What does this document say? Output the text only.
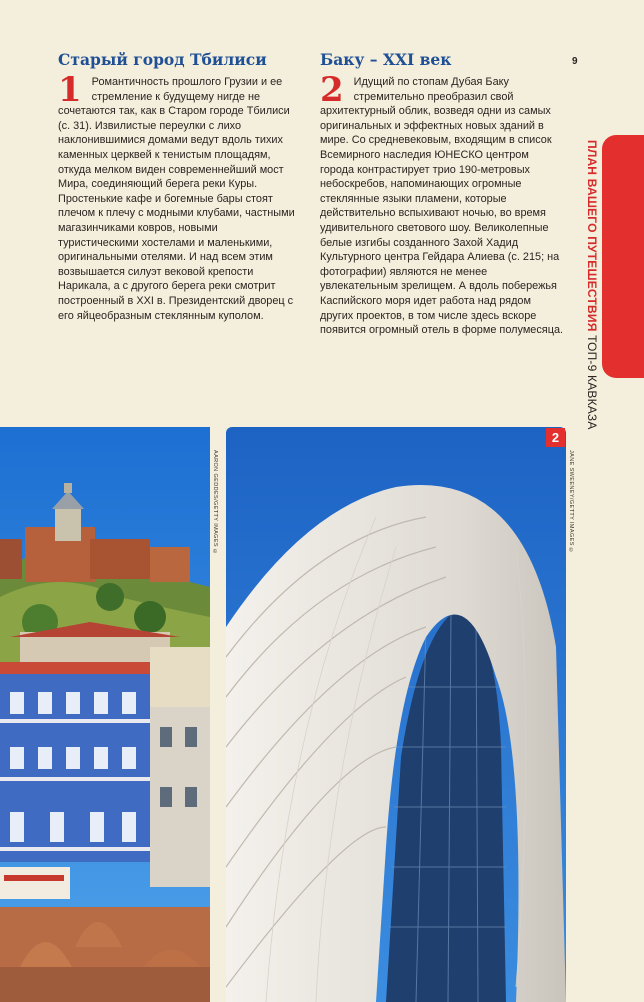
9
Старый город Тбилиси

1 Романтичность прошлого Грузии и ее стремление к будущему нигде не сочетаются так, как в Старом городе Тбилиси (с. 31). Извилистые переулки с лихо наклонившимися домами ведут вдоль тихих каменных церквей к тенистым площадям, откуда мелком виден современнейший мост Мира, соединяющий берега реки Куры. Простенькие кафе и богемные бары стоят плечом к плечу с модными клубами, частными магазинчиками ковров, новыми туристическими хостелами и маленькими, оригинальными отелями. И над всем этим возвышается силуэт вековой крепости Нарикала, а с другого берега реки смотрит построенный в XXI в. Президентский дворец с его яйцеобразным стеклянным куполом.

Баку – XXI век

2 Идущий по стопам Дубая Баку стремительно преобразил свой архитектурный облик, возведя одни из самых оригинальных и эффектных новых зданий в мире. Со средневековым, входящим в список Всемирного наследия ЮНЕСКО центром города контрастирует трио 190-метровых небоскребов, напоминающих огромные стеклянные языки пламени, которые действительно вспыхивают ночью, во время удивительного светового шоу. Великолепные белые изгибы созданного Захой Хадид Культурного центра Гейдара Алиева (с. 215; на фотографии) являются не менее увлекательным зрелищем. А вдоль побережья Каспийского моря идет работа над рядом других проектов, в том числе здесь вскоре появится огромный отель в форме полумесяца. ПЛАН ВАШЕГО ПУТЕШЕСТВИЯ ТОП-9 КАВКАЗА
AARON GEDDES/GETTY IMAGES ©
2
JANE SWEENEY/GETTY IMAGES ©
